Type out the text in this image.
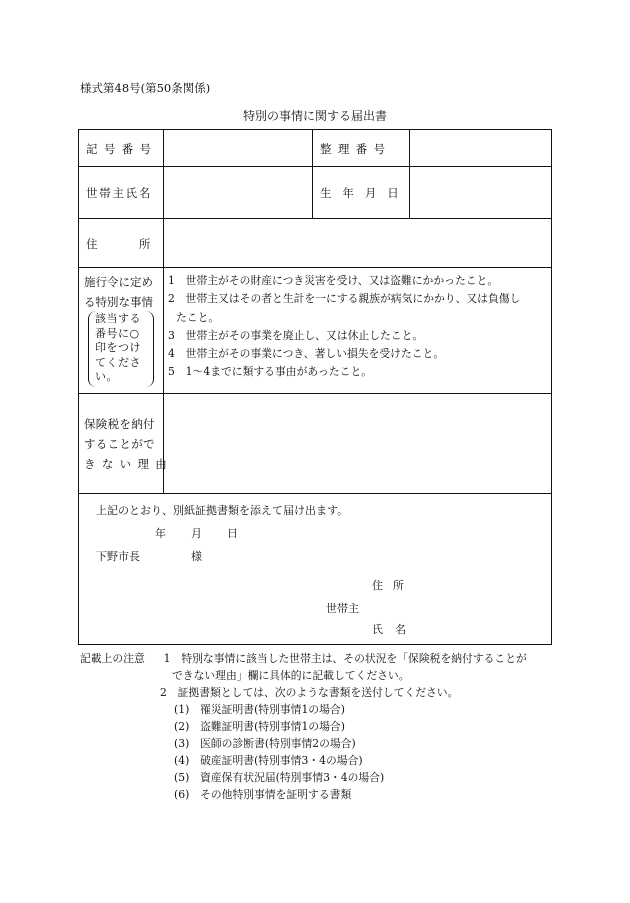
様式第48号(第50条関係)
特別の事情に関する届出書
記号番号	整理番号
世帯主氏名	生年月日
住所
施行令に定め
る特別な事情
該当する
番号に○
印をつけ
てくださ
い。
1　世帯主がその財産につき災害を受け、又は盗難にかかったこと。
2　世帯主又はその者と生計を一にする親族が病気にかかり、又は負傷し
たこと。
3　世帯主がその事業を廃止し、又は休止したこと。
4　世帯主がその事業につき、著しい損失を受けたこと。
5　1～4までに類する事由があったこと。
保険税を納付
することがで
きない理由
上記のとおり、別紙証拠書類を添えて届け出ます。
年 月 日
下野市長	様
住所
世帯主
氏名
記載上の注意 1　特別な事情に該当した世帯主は、その状況を「保険税を納付することが
できない理由」欄に具体的に記載してください。
2　証拠書類としては、次のような書類を送付してください。
(1)　罹災証明書(特別事情1の場合)
(2)　盗難証明書(特別事情1の場合)
(3)　医師の診断書(特別事情2の場合)
(4)　破産証明書(特別事情3・4の場合)
(5)　資産保有状況届(特別事情3・4の場合)
(6)　その他特別事情を証明する書類
